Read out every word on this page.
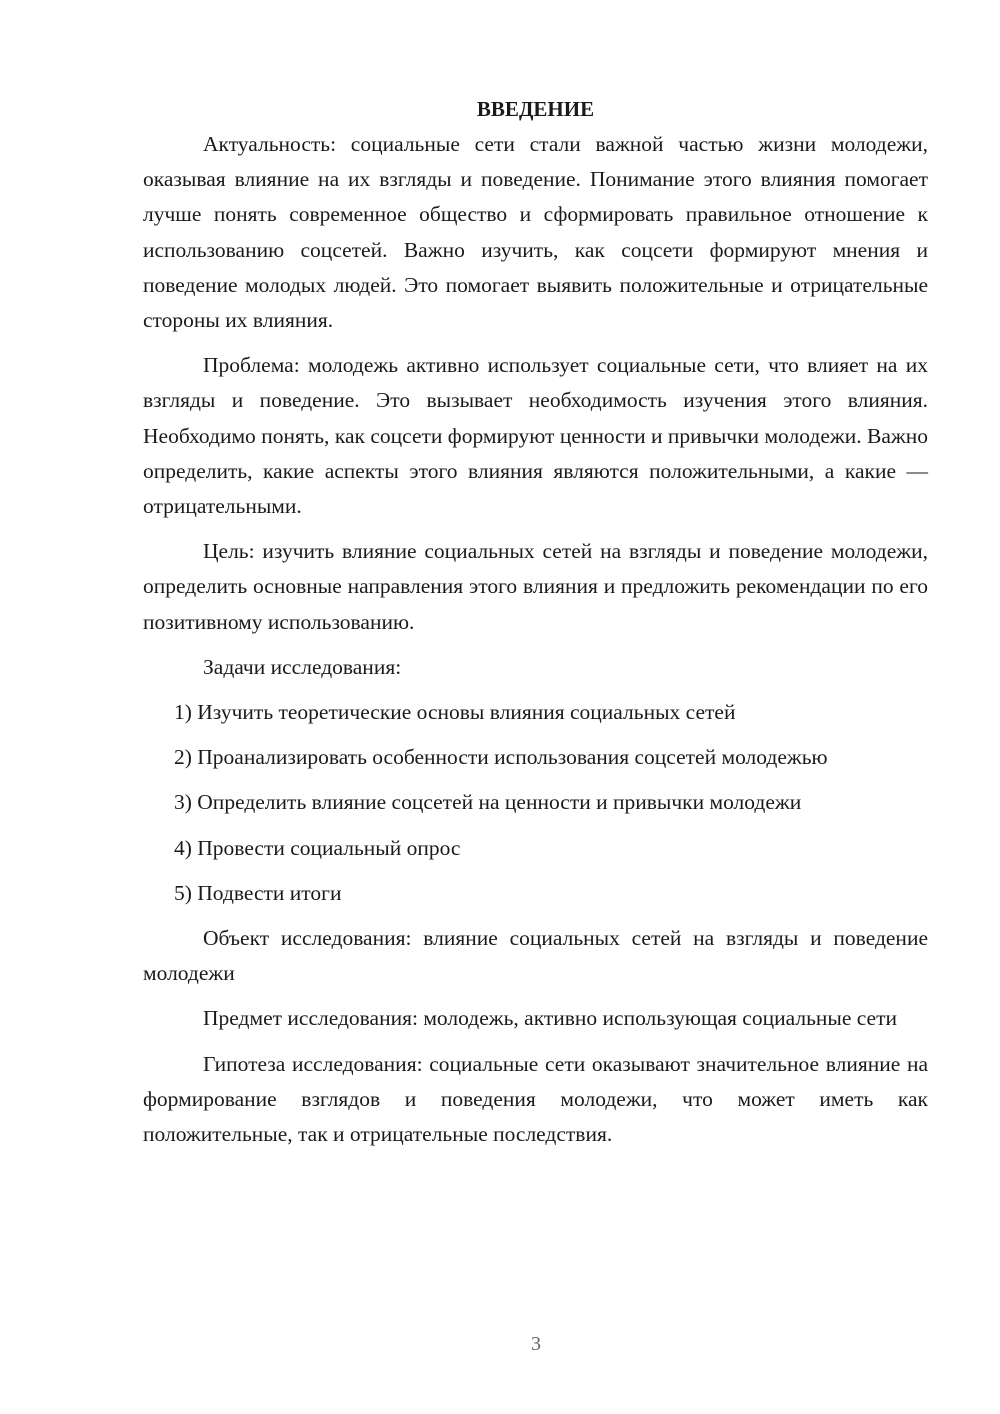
ВВЕДЕНИЕ

Актуальность: социальные сети стали важной частью жизни молодежи, оказывая влияние на их взгляды и поведение. Понимание этого влияния помогает лучше понять современное общество и сформировать правильное отношение к использованию соцсетей. Важно изучить, как соцсети формируют мнения и поведение молодых людей. Это помогает выявить положительные и отрицательные стороны их влияния.

Проблема: молодежь активно использует социальные сети, что влияет на их взгляды и поведение. Это вызывает необходимость изучения этого влияния. Необходимо понять, как соцсети формируют ценности и привычки молодежи. Важно определить, какие аспекты этого влияния являются положительными, а какие — отрицательными.

Цель: изучить влияние социальных сетей на взгляды и поведение молодежи, определить основные направления этого влияния и предложить рекомендации по его позитивному использованию.

Задачи исследования:

1) Изучить теоретические основы влияния социальных сетей

2) Проанализировать особенности использования соцсетей молодежью

3) Определить влияние соцсетей на ценности и привычки молодежи

4) Провести социальный опрос

5) Подвести итоги

Объект исследования: влияние социальных сетей на взгляды и поведение молодежи

Предмет исследования: молодежь, активно использующая социальные сети

Гипотеза исследования: социальные сети оказывают значительное влияние на формирование взглядов и поведения молодежи, что может иметь как положительные, так и отрицательные последствия.

3
